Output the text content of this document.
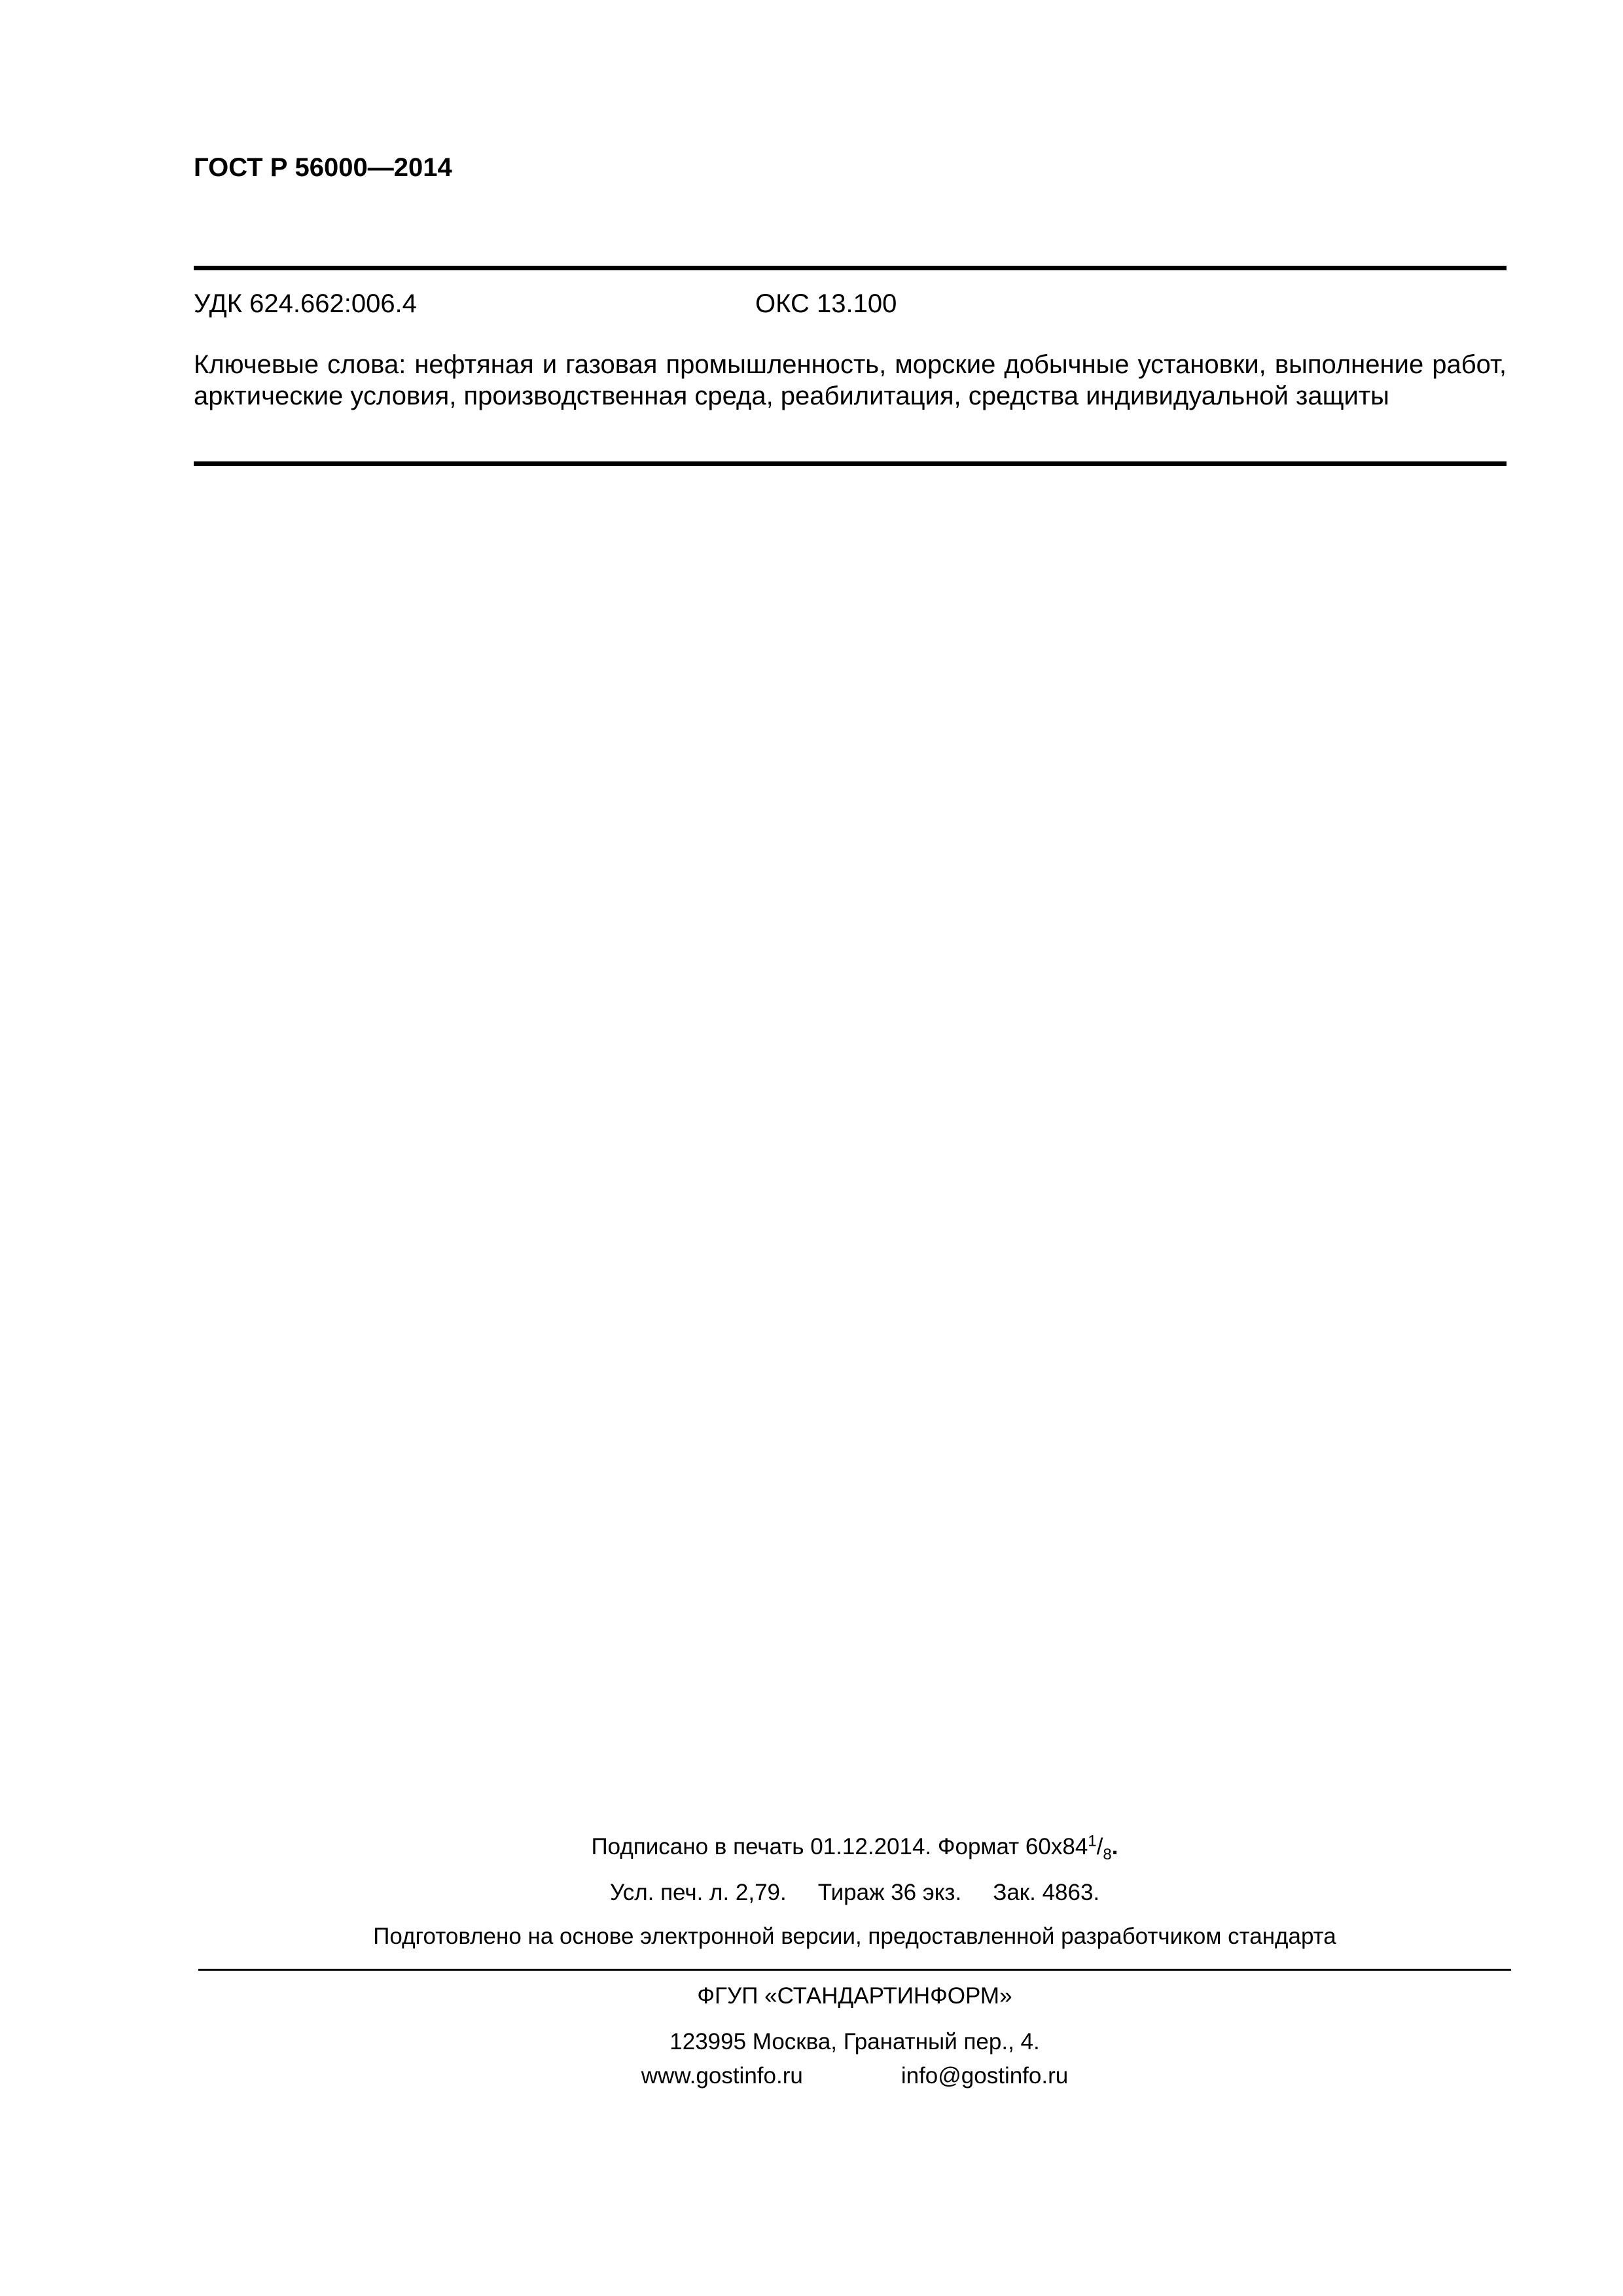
ГОСТ Р 56000—2014
УДК 624.662:006.4	ОКС 13.100
Ключевые слова: нефтяная и газовая промышленность, морские добычные установки, выполнение работ, арктические условия, производственная среда, реабилитация, средства индивидуальной защиты
Подписано в печать 01.12.2014. Формат $60х84^1/_8$.
Усл. печ. л. 2,79. Тираж 36 экз. Зак. 4863.
Подготовлено на основе электронной версии, предоставленной разработчиком стандарта
ФГУП «СТАНДАРТИНФОРМ»
123995 Москва, Гранатный пер., 4.
www.gostinfo.ru	info@gostinfo.ru
